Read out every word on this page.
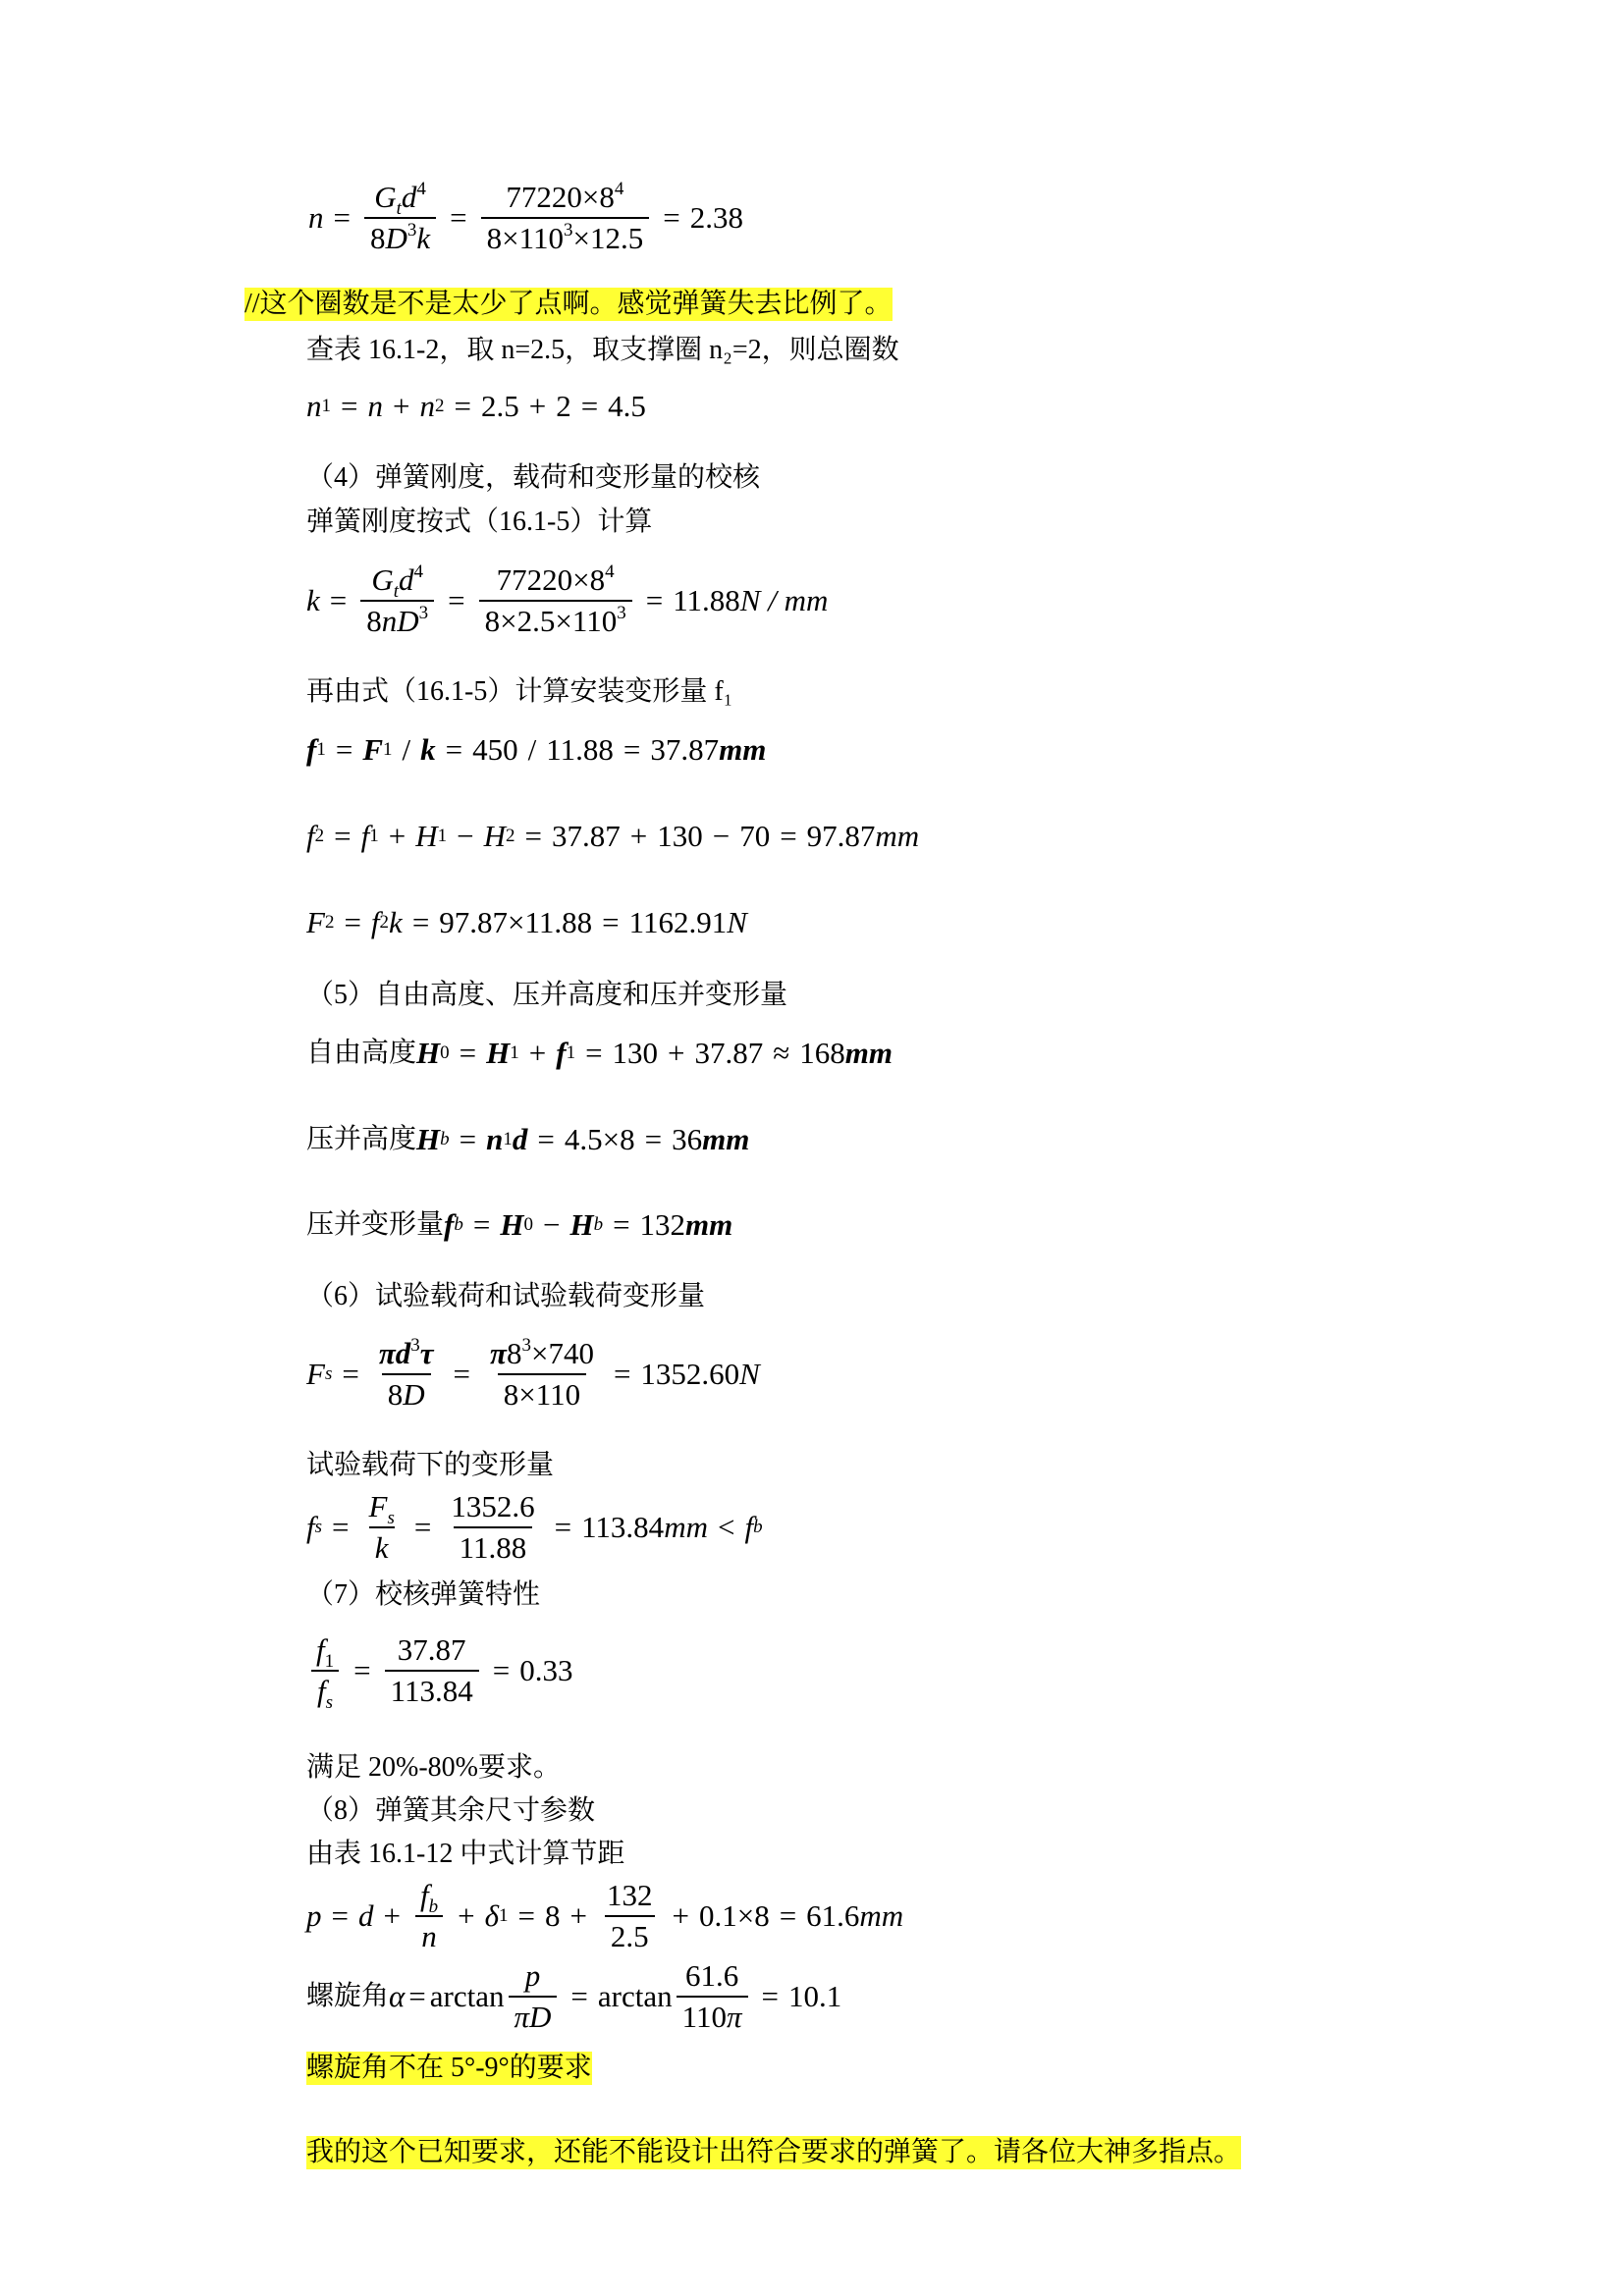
$n = \frac{G_td^4}{8D^3k} = \frac{77220\times 8^4}{8\times 110^3\times 12.5} = 2.38$
//这个圈数是不是太少了点啊。感觉弹簧失去比例了。
查表 16.1-2，取 n=2.5，取支撑圈 n₂=2，则总圈数
n 1 = n + n 2 = 2.5 + 2 = 4.5
（4）弹簧刚度，载荷和变形量的校核
弹簧刚度按式（16.1-5）计算
$k = \frac{G_td^4}{8nD^3} = \frac{77220\times 8^4}{8\times 2.5\times 110^3} = 11.88$ N / mm
再由式（16.1-5）计算安装变形量 f₁
f 1 = F 1 / k = 450 / 11.88 = 37.87 mm
f 2 = f 1 + H 1 − H 2 = 37.87 + 130 − 70 = 97.87 mm
F 2 = f 2 k = 97.87 × 11.88 = 1162.91 N
（5）自由高度、压并高度和压并变形量
自由高度 H 0 = H 1 + f 1 = 130 + 37.87 ≈ 168 mm
压并高度 H b = n 1 d = 4.5 × 8 = 36 mm
压并变形量 f b = H 0 − H b = 132 mm
（6）试验载荷和试验载荷变形量
F $s = \frac{\pi d^3\tau}{8D} = \frac{\pi 8^3\times 740}{8\times 110} = 1352.60$ N
试验载荷下的变形量
f $s = \frac{F_s}{k} = \frac{1352.6}{11.88} = 113.84$ mm < f b
（7）校核弹簧特性
$\frac{f_1}{f_s} = \frac{37.87}{113.84} = 0.33$
满足 20%-80%要求。
（8）弹簧其余尺寸参数
由表 16.1-12 中式计算节距
$p = d + \frac{f_b}{n} + \delta$ $1 = 8 + \frac{132}{2.5} + 0.1 \times 8 = 61.6$ mm
螺旋角 $\alpha = \arctan \frac{p}{\pi D} = \arctan \frac{61.6}{110\pi} = 10.1$
螺旋角不在 5°-9°的要求
我的这个已知要求，还能不能设计出符合要求的弹簧了。请各位大神多指点。
